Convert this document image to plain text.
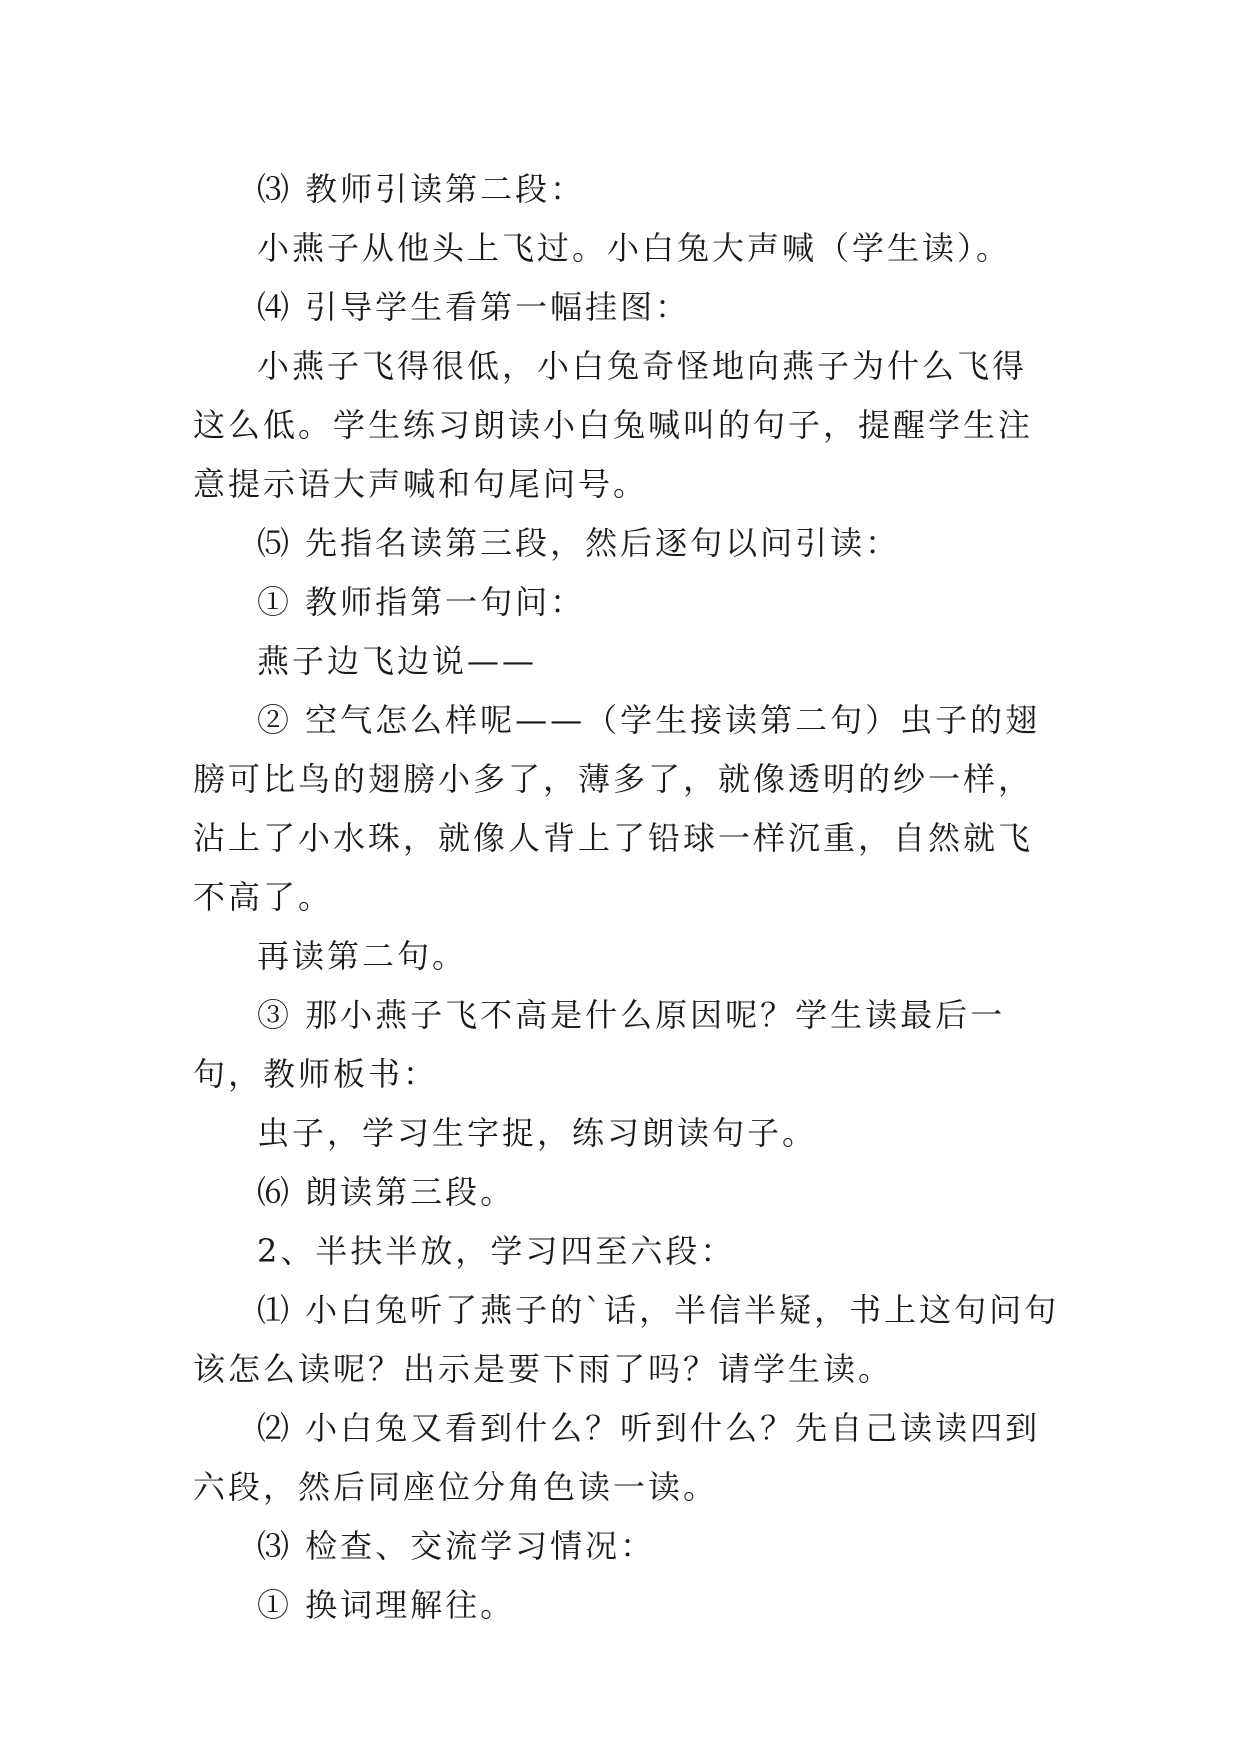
⑶ 教师引读第二段：

小燕子从他头上飞过。小白兔大声喊（学生读）。

⑷ 引导学生看第一幅挂图：

小燕子飞得很低，小白兔奇怪地向燕子为什么飞得这么低。学生练习朗读小白兔喊叫的句子，提醒学生注意提示语大声喊和句尾问号。

⑸ 先指名读第三段，然后逐句以问引读：

① 教师指第一句问：

燕子边飞边说——

② 空气怎么样呢——（学生接读第二句）虫子的翅膀可比鸟的翅膀小多了，薄多了，就像透明的纱一样，沾上了小水珠，就像人背上了铅球一样沉重，自然就飞不高了。

再读第二句。

③ 那小燕子飞不高是什么原因呢？学生读最后一句，教师板书：

虫子，学习生字捉，练习朗读句子。

⑹ 朗读第三段。

2、半扶半放，学习四至六段：

⑴ 小白兔听了燕子的`话，半信半疑，书上这句问句该怎么读呢？出示是要下雨了吗？请学生读。

⑵ 小白兔又看到什么？听到什么？先自己读读四到六段，然后同座位分角色读一读。

⑶ 检查、交流学习情况：

① 换词理解往。
